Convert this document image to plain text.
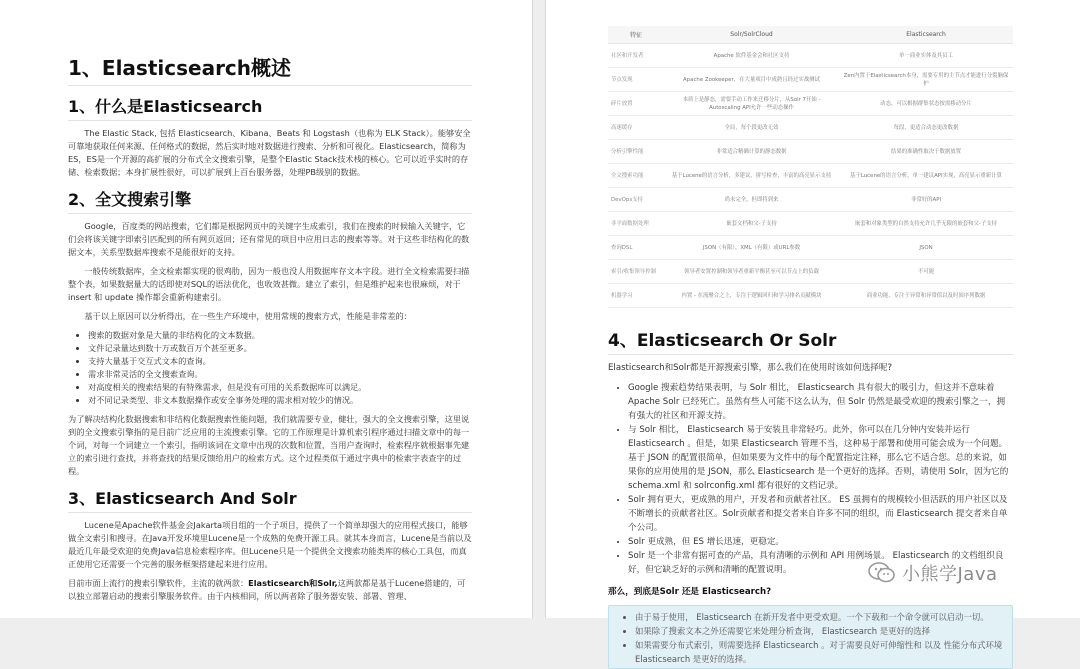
1、Elasticsearch概述
1、什么是Elasticsearch

The Elastic Stack, 包括 Elasticsearch、Kibana、Beats 和 Logstash（也称为 ELK Stack）。能够安全可靠地获取任何来源、任何格式的数据，然后实时地对数据进行搜索、分析和可视化。Elasticsearch，简称为ES，ES是一个开源的高扩展的分布式全文搜索引擎，是整个Elastic Stack技术栈的核心。它可以近乎实时的存储、检索数据；本身扩展性很好，可以扩展到上百台服务器，处理PB级别的数据。

2、全文搜索引擎

Google，百度类的网站搜索，它们都是根据网页中的关键字生成索引，我们在搜索的时候输入关键字，它们会将该关键字即索引匹配到的所有网页返回；还有常见的项目中应用日志的搜索等等。对于这些非结构化的数据文本，关系型数据库搜索不是能很好的支持。

一般传统数据库，全文检索都实现的很鸡肋，因为一般也没人用数据库存文本字段。进行全文检索需要扫描整个表，如果数据量大的话即使对SQL的语法优化，也收效甚微。建立了索引，但是维护起来也很麻烦，对于 insert 和 update 操作都会重新构建索引。

基于以上原因可以分析得出，在一些生产环境中，使用常规的搜索方式，性能是非常差的：

• 搜索的数据对象是大量的非结构化的文本数据。
• 文件记录量达到数十万或数百万个甚至更多。
• 支持大量基于交互式文本的查询。
• 需求非常灵活的全文搜索查询。
• 对高度相关的搜索结果的有特殊需求，但是没有可用的关系数据库可以满足。
• 对不同记录类型、非文本数据操作或安全事务处理的需求相对较少的情况。

为了解决结构化数据搜索和非结构化数据搜索性能问题，我们就需要专业，健壮，强大的全文搜索引擎，这里说到的全文搜索引擎指的是目前广泛应用的主流搜索引擎。它的工作原理是计算机索引程序通过扫描文章中的每一个词，对每一个词建立一个索引，指明该词在文章中出现的次数和位置，当用户查询时，检索程序就根据事先建立的索引进行查找，并将查找的结果反馈给用户的检索方式。这个过程类似于通过字典中的检索字表查字的过程。

3、Elasticsearch And Solr

Lucene是Apache软件基金会Jakarta项目组的一个子项目，提供了一个简单却强大的应用程式接口，能够做全文索引和搜寻。在Java开发环境里Lucene是一个成熟的免费开源工具。就其本身而言，Lucene是当前以及最近几年最受欢迎的免费Java信息检索程序库。但Lucene只是一个提供全文搜索功能类库的核心工具包，而真正使用它还需要一个完善的服务框架搭建起来进行应用。

目前市面上流行的搜索引擎软件，主流的就两款：Elasticsearch和Solr,这两款都是基于Lucene搭建的，可以独立部署启动的搜索引擎服务软件。由于内核相同，所以两者除了服务器安装、部署、管理、

特征	Solr/SolrCloud	Elasticsearch
社区和开发者	Apache 软件基金会和社区支持	单一商业实体及其员工
节点发现	Apache Zookeeper，在大量项目中成熟且经过实战测试	Zen内置于Elasticsearch本身，需要专用的主节点才能进行分裂脑保护
碎片放置	本质上是静态，需要手动工作来迁移分片，从Solr 7开始 - Autoscaling API允许一些动态操作	动态，可以根据群集状态按需移动分片
高速缓存	全局，每个段更改无效	每段，更适合动态更改数据
分析引擎性能	非常适合精确计算的静态数据	结果的准确性取决于数据放置
全文搜索功能	基于Lucene的语言分析，多建议，拼写检查，丰富的高亮显示支持	基于Lucene的语言分析，单一建议API实现，高亮显示重新计算
DevOps支持	尚未完全，但即将到来	非常好的API
非平面数据处理	嵌套文档和父-子支持	嵌套和对象类型的自然支持允许几乎无限的嵌套和父-子支持
查询DSL	JSON（有限），XML（有限）或URL参数	JSON
索引/收集领导控制	领导者安置控制和领导者重新平衡甚至可以节点上的负载	不可能
机器学习	内置 - 在流聚合之上，专注于逻辑回归和学习排名贡献模块	商业功能，专注于异常和异常值以及时间序列数据
4、Elasticsearch Or Solr

Elasticsearch和Solr都是开源搜索引擎，那么我们在使用时该如何选择呢?

• Google 搜索趋势结果表明，与 Solr 相比， Elasticsearch 具有很大的吸引力，但这并不意味着 Apache Solr 已经死亡。虽然有些人可能不这么认为，但 Solr 仍然是最受欢迎的搜索引擎之一，拥有强大的社区和开源支持。
• 与 Solr 相比， Elasticsearch 易于安装且非常轻巧。此外，你可以在几分钟内安装并运行 Elasticsearch 。但是，如果 Elasticsearch 管理不当，这种易于部署和使用可能会成为一个问题。基于 JSON 的配置很简单，但如果要为文件中的每个配置指定注释，那么它不适合您。总的来说，如果你的应用使用的是 JSON，那么 Elasticsearch 是一个更好的选择。否则，请使用 Solr，因为它的 schema.xml 和 solrconfig.xml 都有很好的文档记录。
• Solr 拥有更大，更成熟的用户，开发者和贡献者社区。 ES 虽拥有的规模较小但活跃的用户社区以及不断增长的贡献者社区。Solr贡献者和提交者来自许多不同的组织，而 Elasticsearch 提交者来自单个公司。
• Solr 更成熟，但 ES 增长迅速，更稳定。
• Solr 是一个非常有据可查的产品，具有清晰的示例和 API 用例场景。 Elasticsearch 的文档组织良好，但它缺乏好的示例和清晰的配置说明。
那么，到底是Solr 还是 Elasticsearch?
• 由于易于使用， Elasticsearch 在新开发者中更受欢迎。一个下载和一个命令就可以启动一切。
• 如果除了搜索文本之外还需要它来处理分析查询， Elasticsearch 是更好的选择
• 如果需要分布式索引，则需要选择 Elasticsearch 。对于需要良好可伸缩性和 以及 性能分布式环境 Elasticsearch 是更好的选择。
小熊学Java
